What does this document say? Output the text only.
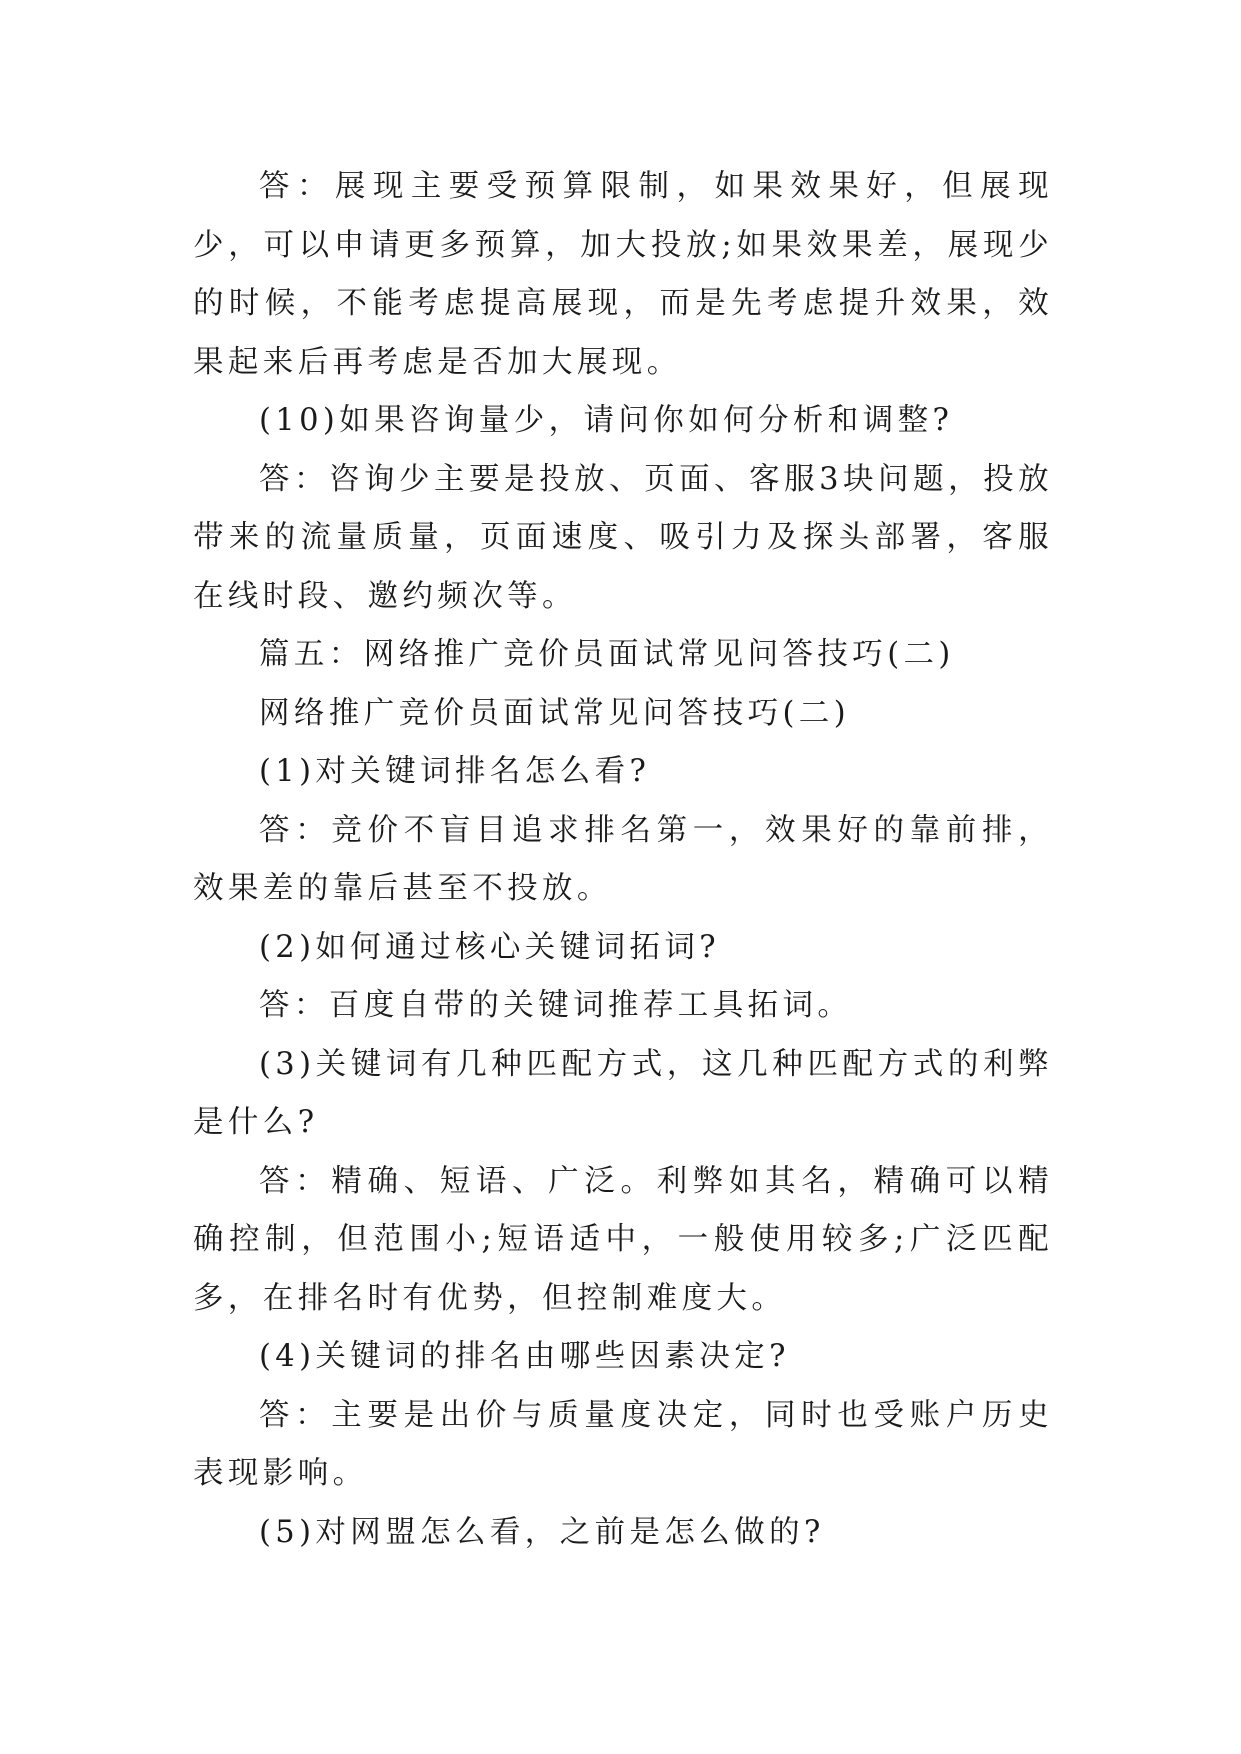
答：展现主要受预算限制，如果效果好，但展现少，可以申请更多预算，加大投放;如果效果差，展现少的时候，不能考虑提高展现，而是先考虑提升效果，效果起来后再考虑是否加大展现。

(10)如果咨询量少，请问你如何分析和调整?

答：咨询少主要是投放、页面、客服3块问题，投放带来的流量质量，页面速度、吸引力及探头部署，客服在线时段、邀约频次等。

篇五：网络推广竞价员面试常见问答技巧(二)

网络推广竞价员面试常见问答技巧(二)

(1)对关键词排名怎么看?

答：竞价不盲目追求排名第一，效果好的靠前排，效果差的靠后甚至不投放。

(2)如何通过核心关键词拓词?

答：百度自带的关键词推荐工具拓词。

(3)关键词有几种匹配方式，这几种匹配方式的利弊是什么?

答：精确、短语、广泛。利弊如其名，精确可以精确控制，但范围小;短语适中，一般使用较多;广泛匹配多，在排名时有优势，但控制难度大。

(4)关键词的排名由哪些因素决定?

答：主要是出价与质量度决定，同时也受账户历史表现影响。

(5)对网盟怎么看，之前是怎么做的?
